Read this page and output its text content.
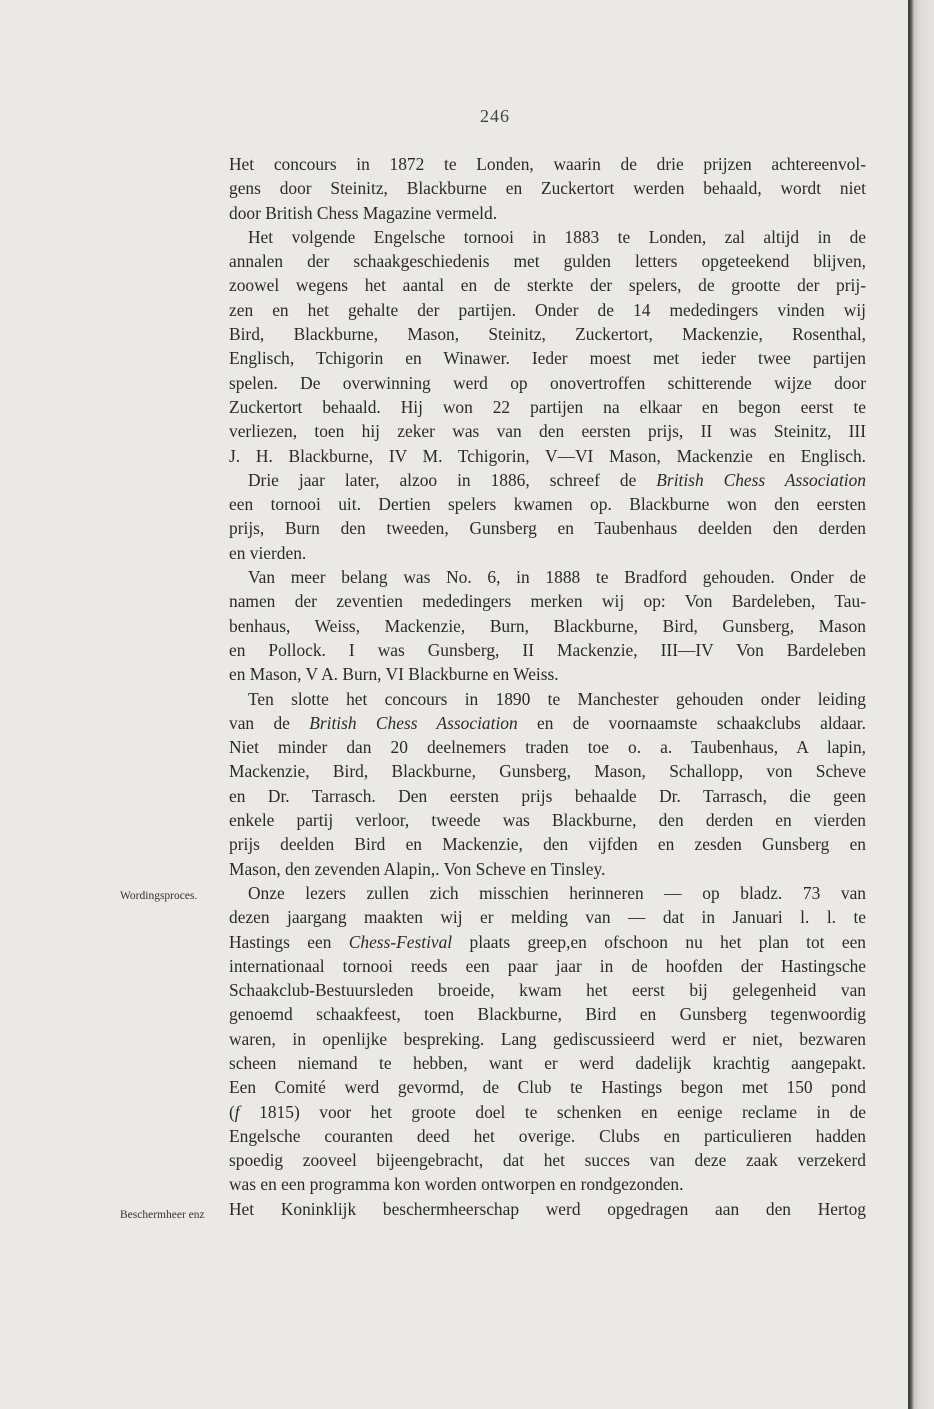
246
Wordingsproces.
Beschermheer enz
Het concours in 1872 te Londen, waarin de drie prijzen achtereenvol-
gens door Steinitz, Blackburne en Zuckertort werden behaald, wordt niet
door British Chess Magazine vermeld.
Het volgende Engelsche tornooi in 1883 te Londen, zal altijd in de
annalen der schaakgeschiedenis met gulden letters opgeteekend blijven,
zoowel wegens het aantal en de sterkte der spelers, de grootte der prij-
zen en het gehalte der partijen. Onder de 14 mededingers vinden wij
Bird, Blackburne, Mason, Steinitz, Zuckertort, Mackenzie, Rosenthal,
Englisch, Tchigorin en Winawer. Ieder moest met ieder twee partijen
spelen. De overwinning werd op onovertroffen schitterende wijze door
Zuckertort behaald. Hij won 22 partijen na elkaar en begon eerst te
verliezen, toen hij zeker was van den eersten prijs, II was Steinitz, III
J. H. Blackburne, IV M. Tchigorin, V—VI Mason, Mackenzie en Englisch.
Drie jaar later, alzoo in 1886, schreef de British Chess Association
een tornooi uit. Dertien spelers kwamen op. Blackburne won den eersten
prijs, Burn den tweeden, Gunsberg en Taubenhaus deelden den derden
en vierden.
Van meer belang was No. 6, in 1888 te Bradford gehouden. Onder de
namen der zeventien mededingers merken wij op: Von Bardeleben, Tau-
benhaus, Weiss, Mackenzie, Burn, Blackburne, Bird, Gunsberg, Mason
en Pollock. I was Gunsberg, II Mackenzie, III—IV Von Bardeleben
en Mason, V A. Burn, VI Blackburne en Weiss.
Ten slotte het concours in 1890 te Manchester gehouden onder leiding
van de British Chess Association en de voornaamste schaakclubs aldaar.
Niet minder dan 20 deelnemers traden toe o. a. Taubenhaus, A lapin,
Mackenzie, Bird, Blackburne, Gunsberg, Mason, Schallopp, von Scheve
en Dr. Tarrasch. Den eersten prijs behaalde Dr. Tarrasch, die geen
enkele partij verloor, tweede was Blackburne, den derden en vierden
prijs deelden Bird en Mackenzie, den vijfden en zesden Gunsberg en
Mason, den zevenden Alapin,. Von Scheve en Tinsley.
Onze lezers zullen zich misschien herinneren — op bladz. 73 van
dezen jaargang maakten wij er melding van — dat in Januari l. l. te
Hastings een Chess-Festival plaats greep,en ofschoon nu het plan tot een
internationaal tornooi reeds een paar jaar in de hoofden der Hastingsche
Schaakclub-Bestuursleden broeide, kwam het eerst bij gelegenheid van
genoemd schaakfeest, toen Blackburne, Bird en Gunsberg tegenwoordig
waren, in openlijke bespreking. Lang gediscussieerd werd er niet, bezwaren
scheen niemand te hebben, want er werd dadelijk krachtig aangepakt.
Een Comité werd gevormd, de Club te Hastings begon met 150 pond
(f 1815) voor het groote doel te schenken en eenige reclame in de
Engelsche couranten deed het overige. Clubs en particulieren hadden
spoedig zooveel bijeengebracht, dat het succes van deze zaak verzekerd
was en een programma kon worden ontworpen en rondgezonden.
Het Koninklijk beschermheerschap werd opgedragen aan den Hertog
